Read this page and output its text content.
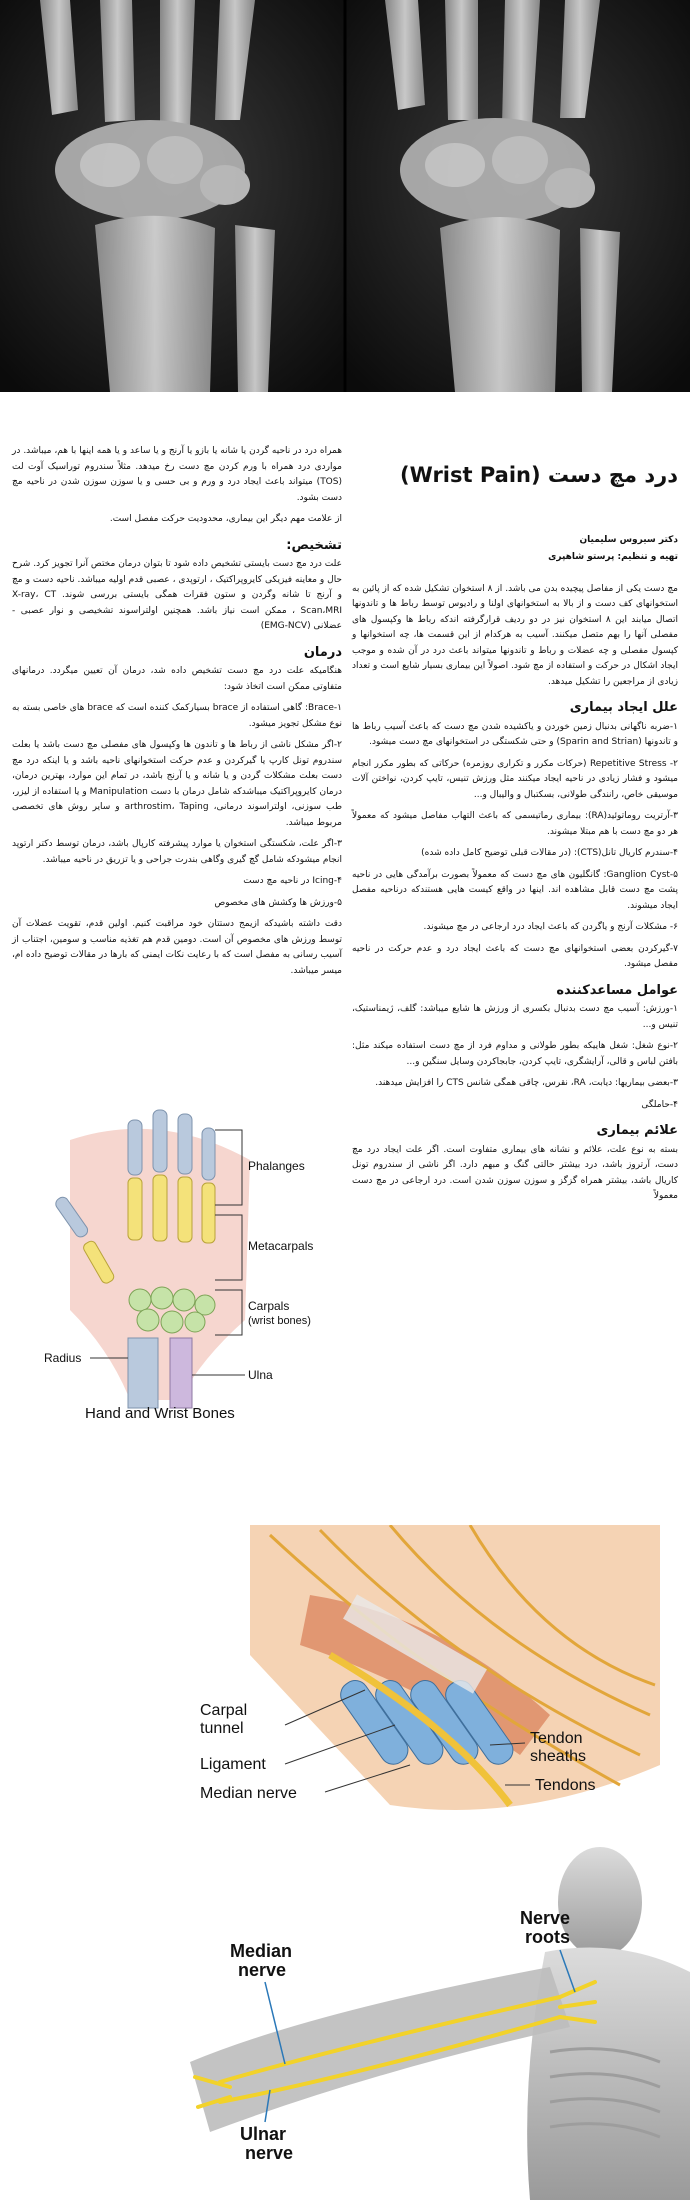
درد مچ دست (Wrist Pain)
دکتر سیروس سلیمیان
تهیه و تنظیم: پرستو شاهپری

مچ دست یکی از مفاصل پیچیده بدن می باشد. از ۸ استخوان تشکیل شده که از پائین به استخوانهای کف دست و از بالا به استخوانهای اولنا و رادیوس توسط رباط ها و تاندونها اتصال میابند این ۸ استخوان نیز در دو ردیف قرارگرفته اندکه رباط ها وکپسول های مفصلی آنها را بهم متصل میکنند. آسیب به هرکدام از این قسمت ها، چه استخوانها و کپسول مفصلی و چه عضلات و رباط و تاندونها میتواند باعث درد در آن شده و موجب ایجاد اشکال در حرکت و استفاده از مچ شود. اصولاً این بیماری بسیار شایع است و تعداد زیادی از مراجعین را تشکیل میدهد.

علل ایجاد بیماری

۱-ضربه ناگهانی بدنبال زمین خوردن و یاکشیده شدن مچ دست که باعث آسیب رباط ها و تاندونها (Sparin and Strian) و حتی شکستگی در استخوانهای مچ دست میشود.

۲- Repetitive Stress (حرکات مکرر و تکراری روزمره) حرکاتی که بطور مکرر انجام میشود و فشار زیادی در ناحیه ایجاد میکنند مثل ورزش تنیس، تایپ کردن، نواختن آلات موسیقی خاص، رانندگی طولانی، بسکتبال و والیبال و...

۳-آرتریت روماتوئید(RA): بیماری رماتیسمی که باعث التهاب مفاصل میشود که معمولاً هر دو مچ دست با هم مبتلا میشوند.

۴-سندرم کاریال تانل(CTS): (در مقالات قبلی توضیح کامل داده شده)

۵-Ganglion Cyst: گانگلیون های مچ دست که معمولاً بصورت برآمدگی هایی در ناحیه پشت مچ دست قابل مشاهده اند. اینها در واقع کیست هایی هستندکه درناحیه مفصل ایجاد میشوند.

۶- مشکلات آرنج و یاگردن که باعث ایجاد درد ارجاعی در مچ میشوند.

۷-گیرکردن بعضی استخوانهای مچ دست که باعث ایجاد درد و عدم حرکت در ناحیه مفصل میشود.

عوامل مساعدکننده

۱-ورزش: آسیب مچ دست بدنبال بکسری از ورزش ها شایع میباشد: گلف، ژیمناستیک، تنیس و...

۲-نوع شغل: شغل هاییکه بطور طولانی و مداوم فرد از مچ دست استفاده میکند مثل: بافتن لباس و قالی، آرایشگری، تایپ کردن، جابجاکردن وسایل سنگین و...

۳-بعضی بیماریها: دیابت، RA، نقرس، چاقی همگی شانس CTS را افزایش میدهند.

۴-حاملگی

علائم بیماری

بسته به نوع علت، علائم و نشانه های بیماری متفاوت است. اگر علت ایجاد درد مچ دست، آرتروز باشد، درد بیشتر حالتی گنگ و مبهم دارد. اگر ناشی از سندروم تونل کاریال باشد، بیشتر همراه گزگز و سوزن سوزن شدن است. درد ارجاعی در مچ دست معمولاً

همراه درد در ناحیه گردن یا شانه یا بازو یا آرنج و یا ساعد و یا همه اینها با هم، میباشد. در مواردی درد همراه با ورم کردن مچ دست رخ میدهد. مثلاً سندروم توراسیک آوت لت (TOS) میتواند باعث ایجاد درد و ورم و بی حسی و یا سوزن سوزن شدن در ناحیه مچ دست بشود.

از علامت مهم دیگر این بیماری، محدودیت حرکت مفصل است.

تشخیص:

علت درد مچ دست بایستی تشخیص داده شود تا بتوان درمان مختص آنرا تجویز کرد. شرح حال و معاینه فیزیکی کایروپراکتیک ، ارتوپدی ، عصبی قدم اولیه میباشد. ناحیه دست و مچ و آرنج تا شانه وگردن و ستون فقرات همگی بایستی بررسی شوند. X-ray، CT Scan،MRI ، ممکن است نیاز باشد. همچنین اولتراسوند تشخیصی و نوار عصبی - عضلانی (EMG-NCV)

درمان

هنگامیکه علت درد مچ دست تشخیص داده شد، درمان آن تعیین میگردد. درمانهای متفاوتی ممکن است اتخاذ شود:

۱-Brace: گاهی استفاده از brace بسیارکمک کننده است که brace های خاصی بسته به نوع مشکل تجویز میشود.

۲-اگر مشکل ناشی از رباط ها و تاندون ها وکپسول های مفصلی مچ دست باشد یا بعلت سندروم تونل کارپ یا گیرکردن و عدم حرکت استخوانهای ناحیه باشد و یا اینکه درد مچ دست بعلت مشکلات گردن و یا شانه و یا آرنج باشد، در تمام این موارد، بهترین درمان، درمان کایروپراکتیک میباشدکه شامل درمان با دست Manipulation و یا استفاده از لیزر، طب سوزنی، اولتراسوند درمانی، arthrostim، Taping و سایر روش های تخصصی مربوط میباشد.

۳-اگر علت، شکستگی استخوان یا موارد پیشرفته کارپال باشد، درمان توسط دکتر ارتوپد انجام میشودکه شامل گچ گیری وگاهی بندرت جراحی و یا تزریق در ناحیه میباشد.

۴-Icing در ناحیه مچ دست

۵-ورزش ها وکشش های مخصوص

دقت داشته باشیدکه ازیمج دستتان خود مراقبت کنیم. اولین قدم، تقویت عضلات آن توسط ورزش های مخصوص آن است. دومین قدم هم تغذیه مناسب و سومین، اجتناب از آسیب رسانی به مفصل است که با رعایت نکات ایمنی که بارها در مقالات توضیح داده ام، میسر میباشد.

Phalanges
Metacarpals
Carpals
(wrist bones)
Radius
Ulna
Hand and Wrist Bones
Carpal
tunnel
Ligament
Median nerve
Tendon
sheaths
Tendons
Median
nerve
Ulnar
nerve
Nerve
roots
